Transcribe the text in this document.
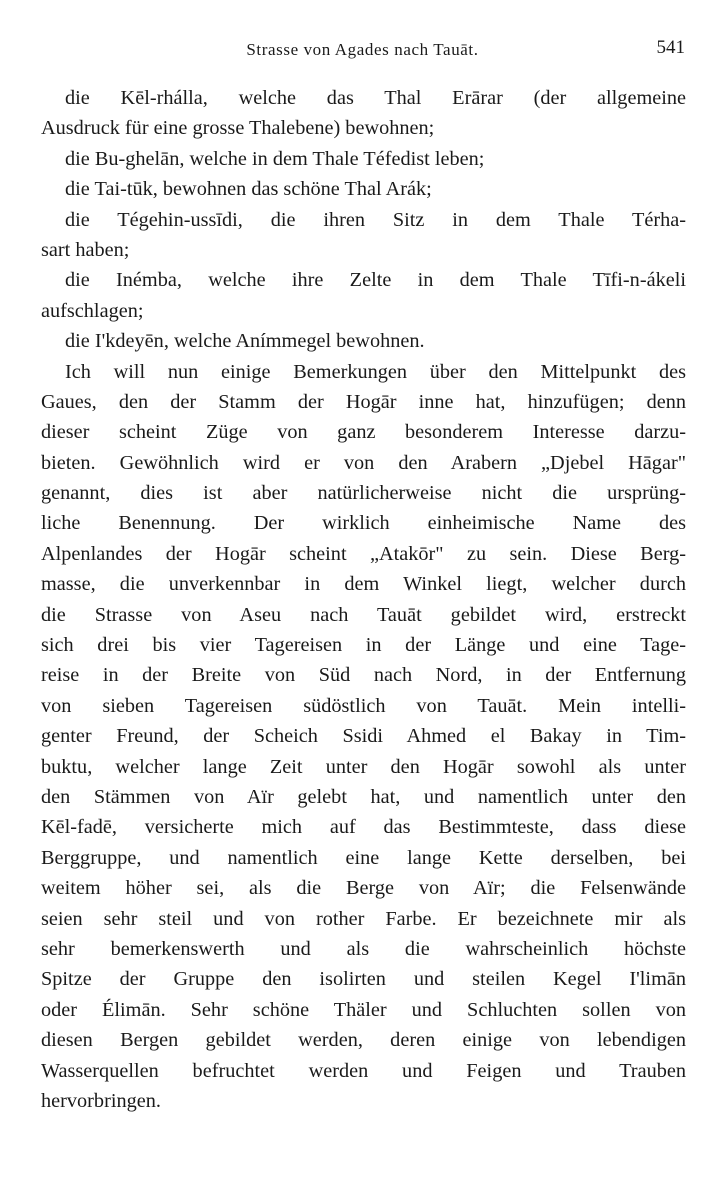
Strasse von Agades nach Tauāt.	541
die Kēl-rhálla, welche das Thal Erārar (der allgemeine
Ausdruck für eine grosse Thalebene) bewohnen;
die Bu-ghelān, welche in dem Thale Téfedist leben;
die Tai-tūk, bewohnen das schöne Thal Arák;
die Tégehin-ussīdi, die ihren Sitz in dem Thale Térha-
sart haben;
die Inémba, welche ihre Zelte in dem Thale Tīfi-n-ákeli
aufschlagen;
die I'kdeyēn, welche Anímmegel bewohnen.
Ich will nun einige Bemerkungen über den Mittelpunkt des
Gaues, den der Stamm der Hogār inne hat, hinzufügen; denn
dieser scheint Züge von ganz besonderem Interesse darzu-
bieten. Gewöhnlich wird er von den Arabern „Djebel Hāgar"
genannt, dies ist aber natürlicherweise nicht die ursprüng-
liche Benennung. Der wirklich einheimische Name des
Alpenlandes der Hogār scheint „Atakōr" zu sein. Diese Berg-
masse, die unverkennbar in dem Winkel liegt, welcher durch
die Strasse von Aseu nach Tauāt gebildet wird, erstreckt
sich drei bis vier Tagereisen in der Länge und eine Tage-
reise in der Breite von Süd nach Nord, in der Entfernung
von sieben Tagereisen südöstlich von Tauāt. Mein intelli-
genter Freund, der Scheich Ssidi Ahmed el Bakay in Tim-
buktu, welcher lange Zeit unter den Hogār sowohl als unter
den Stämmen von Aïr gelebt hat, und namentlich unter den
Kēl-fadē, versicherte mich auf das Bestimmteste, dass diese
Berggruppe, und namentlich eine lange Kette derselben, bei
weitem höher sei, als die Berge von Aïr; die Felsenwände
seien sehr steil und von rother Farbe. Er bezeichnete mir als
sehr bemerkenswerth und als die wahrscheinlich höchste
Spitze der Gruppe den isolirten und steilen Kegel I'limān
oder Élimān. Sehr schöne Thäler und Schluchten sollen von
diesen Bergen gebildet werden, deren einige von lebendigen
Wasserquellen befruchtet werden und Feigen und Trauben
hervorbringen.
